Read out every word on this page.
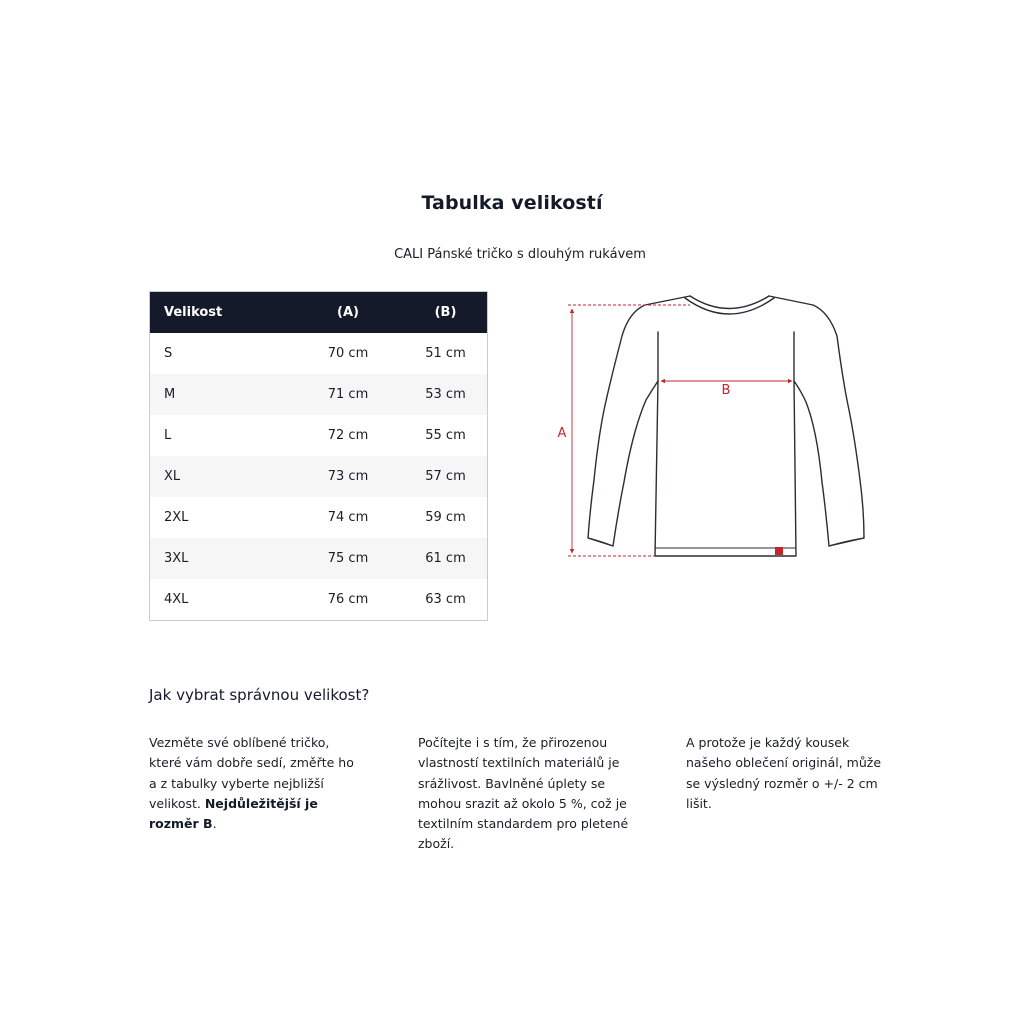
Tabulka velikostí
CALI Pánské tričko s dlouhým rukávem
Velikost	(A)	(B)
S	70 cm	51 cm
M	71 cm	53 cm
L	72 cm	55 cm
XL	73 cm	57 cm
2XL	74 cm	59 cm
3XL	75 cm	61 cm
4XL	76 cm	63 cm
A
B
Jak vybrat správnou velikost?
Vezměte své oblíbené tričko, které vám dobře sedí, změřte ho a z tabulky vyberte nejbližší velikost. Nejdůležitější je rozměr B.
Počítejte i s tím, že přirozenou vlastností textilních materiálů je srážlivost. Bavlněné úplety se mohou srazit až okolo 5 %, což je textilním standardem pro pletené zboží.
A protože je každý kousek našeho oblečení originál, může se výsledný rozměr o +/- 2 cm lišit.
